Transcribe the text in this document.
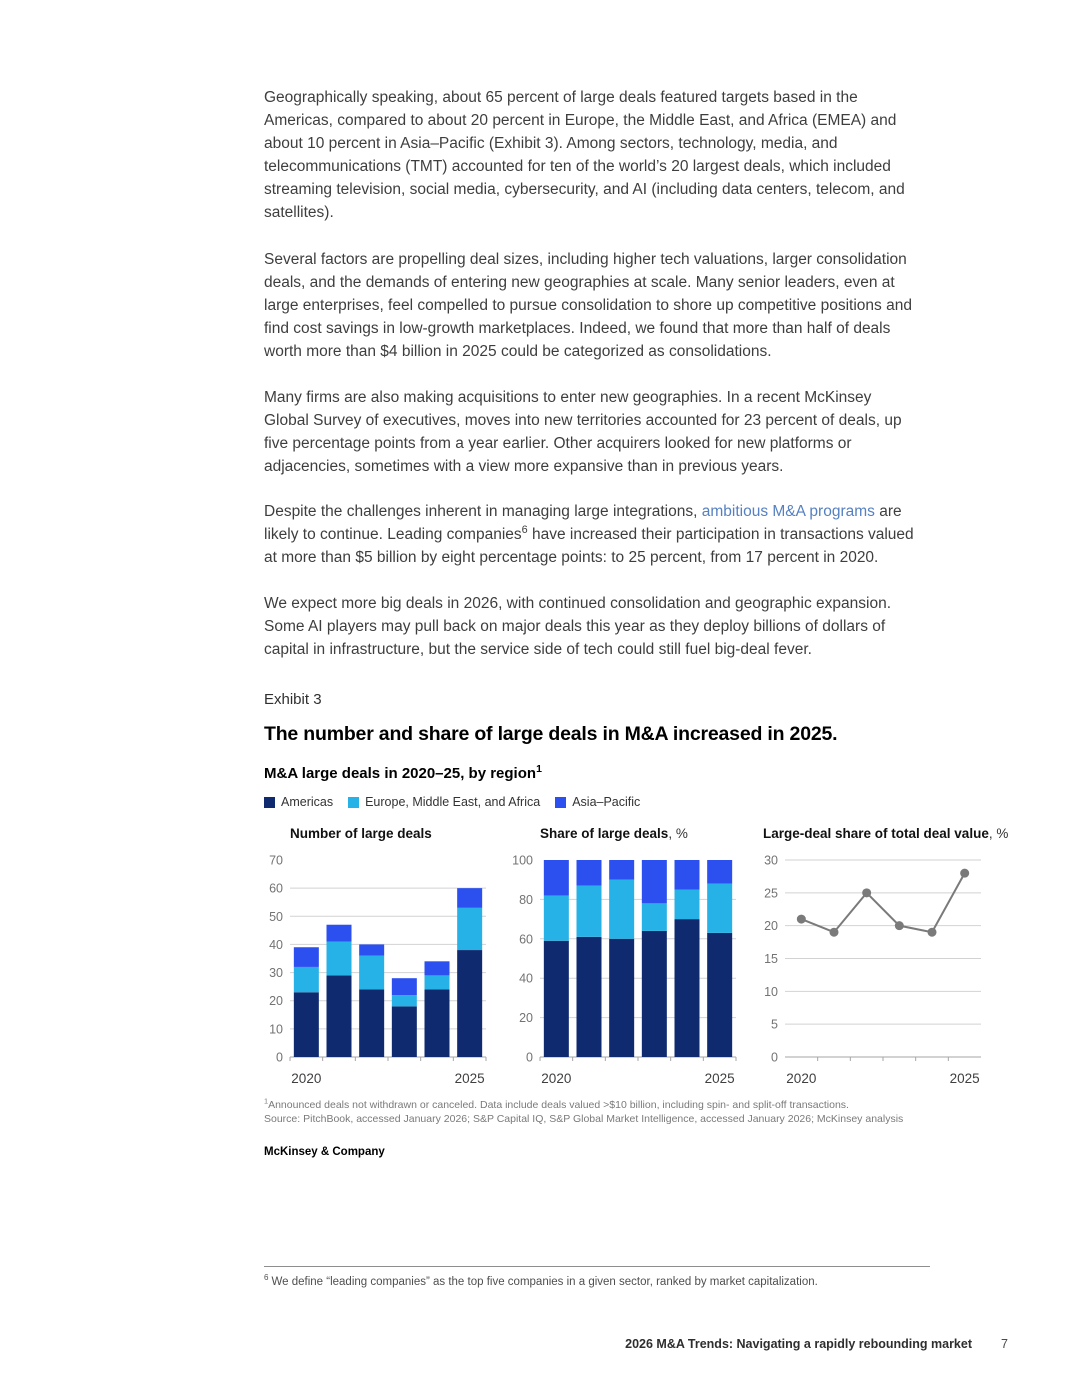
Geographically speaking, about 65 percent of large deals featured targets based in the Americas, compared to about 20 percent in Europe, the Middle East, and Africa (EMEA) and about 10 percent in Asia–Pacific (Exhibit 3). Among sectors, technology, media, and telecommunications (TMT) accounted for ten of the world’s 20 largest deals, which included streaming television, social media, cybersecurity, and AI (including data centers, telecom, and satellites).

Several factors are propelling deal sizes, including higher tech valuations, larger consolidation deals, and the demands of entering new geographies at scale. Many senior leaders, even at large enterprises, feel compelled to pursue consolidation to shore up competitive positions and find cost savings in low-growth marketplaces. Indeed, we found that more than half of deals worth more than $4 billion in 2025 could be categorized as consolidations.

Many firms are also making acquisitions to enter new geographies. In a recent McKinsey Global Survey of executives, moves into new territories accounted for 23 percent of deals, up five percentage points from a year earlier. Other acquirers looked for new platforms or adjacencies, sometimes with a view more expansive than in previous years.

Despite the challenges inherent in managing large integrations, ambitious M&A programs are likely to continue. Leading companies$^6$ have increased their participation in transactions valued at more than $5 billion by eight percentage points: to 25 percent, from 17 percent in 2020.

We expect more big deals in 2026, with continued consolidation and geographic expansion. Some AI players may pull back on major deals this year as they deploy billions of dollars of capital in infrastructure, but the service side of tech could still fuel big-deal fever.

Exhibit 3
The number and share of large deals in M&A increased in 2025.
M&A large deals in 2020–25, by region$^1$
Americas	Europe, Middle East, and Africa	Asia–Pacific
Number of large deals	Share of large deals, %	Large-deal share of total deal value, %
0
10
20
30
40
50
60
70
2020	2025
0
20
40
60
80
100
2020	2025
0
5
10
15
20
25
30
2020	2025
$^1$Announced deals not withdrawn or canceled. Data include deals valued >$10 billion, including spin- and split-off transactions.
Source: PitchBook, accessed January 2026; S&P Capital IQ, S&P Global Market Intelligence, accessed January 2026; McKinsey analysis
McKinsey & Company
$^6$ We define “leading companies” as the top five companies in a given sector, ranked by market capitalization.
2026 M&A Trends: Navigating a rapidly rebounding market 7
